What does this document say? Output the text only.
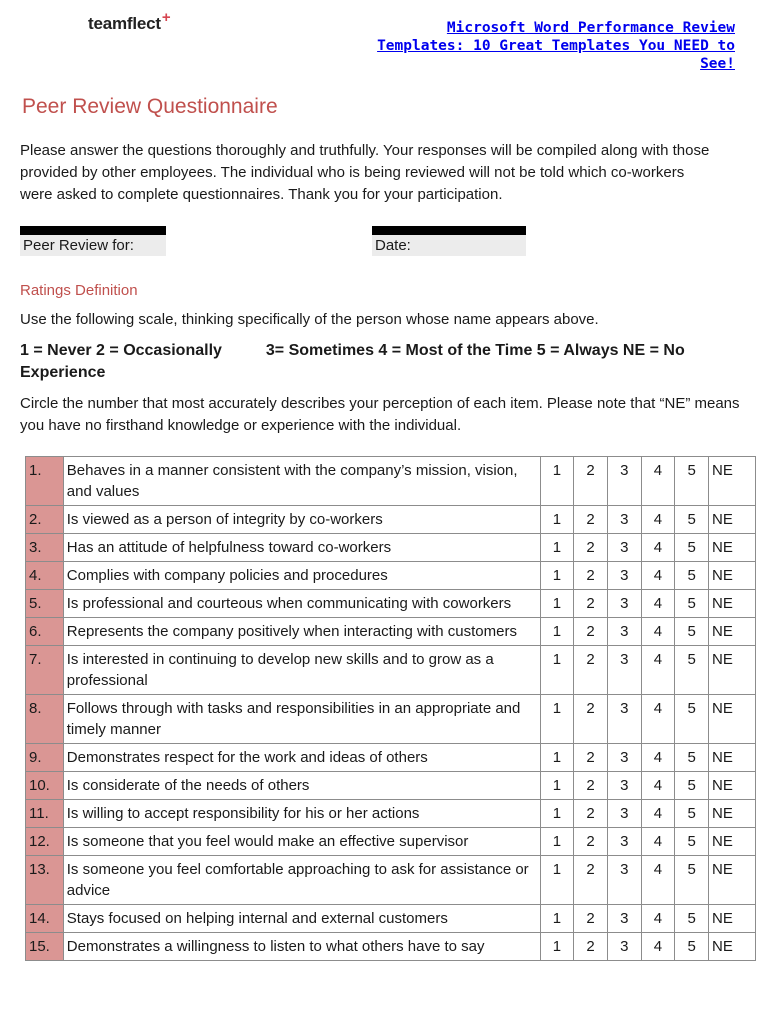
teamflect+
Microsoft Word Performance Review Templates: 10 Great Templates You NEED to See!
Peer Review Questionnaire
Please answer the questions thoroughly and truthfully. Your responses will be compiled along with those provided by other employees. The individual who is being reviewed will not be told which co-workers were asked to complete questionnaires. Thank you for your participation.
Peer Review for:	Date:
Ratings Definition
Use the following scale, thinking specifically of the person whose name appears above.
1 = Never 2 = Occasionally	3= Sometimes 4 = Most of the Time 5 = Always NE = No Experience
Circle the number that most accurately describes your perception of each item. Please note that “NE” means you have no firsthand knowledge or experience with the individual.
1.	Behaves in a manner consistent with the company’s mission, vision, and values	1	2	3	4	5	NE
2.	Is viewed as a person of integrity by co-workers	1	2	3	4	5	NE
3.	Has an attitude of helpfulness toward co-workers	1	2	3	4	5	NE
4.	Complies with company policies and procedures	1	2	3	4	5	NE
5.	Is professional and courteous when communicating with coworkers	1	2	3	4	5	NE
6.	Represents the company positively when interacting with customers	1	2	3	4	5	NE
7.	Is interested in continuing to develop new skills and to grow as a professional	1	2	3	4	5	NE
8.	Follows through with tasks and responsibilities in an appropriate and timely manner	1	2	3	4	5	NE
9.	Demonstrates respect for the work and ideas of others	1	2	3	4	5	NE
10.	Is considerate of the needs of others	1	2	3	4	5	NE
11.	Is willing to accept responsibility for his or her actions	1	2	3	4	5	NE
12.	Is someone that you feel would make an effective supervisor	1	2	3	4	5	NE
13.	Is someone you feel comfortable approaching to ask for assistance or advice	1	2	3	4	5	NE
14.	Stays focused on helping internal and external customers	1	2	3	4	5	NE
15.	Demonstrates a willingness to listen to what others have to say	1	2	3	4	5	NE
